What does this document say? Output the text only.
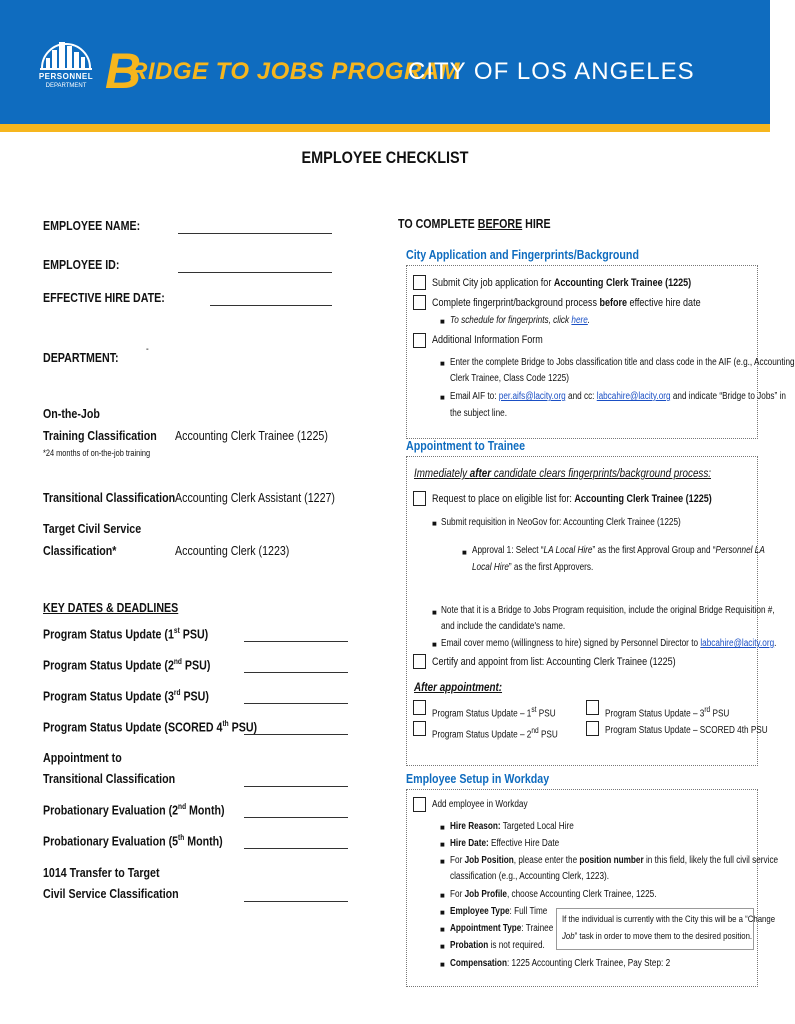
PERSONNEL
DEPARTMENT B
RIDGE TO JOBS PROGRAM
CITY OF LOS ANGELES
EMPLOYEE CHECKLIST
EMPLOYEE NAME:
EMPLOYEE ID:
EFFECTIVE HIRE DATE:
DEPARTMENT:
-
On-the-Job
Training Classification Accounting Clerk Trainee (1225)
*24 months of on-the-job training
Transitional Classification Accounting Clerk Assistant (1227)
Target Civil Service
Classification*	Accounting Clerk (1223)
KEY DATES & DEADLINES
Program Status Update (1st PSU)
Program Status Update (2nd PSU)
Program Status Update (3rd PSU)
Program Status Update (SCORED 4th PSU)
Appointment to
Transitional Classification
Probationary Evaluation (2nd Month)
Probationary Evaluation (5th Month)
1014 Transfer to Target
Civil Service Classification
TO COMPLETE BEFORE HIRE
City Application and Fingerprints/Background
Submit City job application for Accounting Clerk Trainee (1225)
Complete fingerprint/background process before effective hire date
■ To schedule for fingerprints, click here.
Additional Information Form
■ Enter the complete Bridge to Jobs classification title and class code in the AIF (e.g., Accounting
Clerk Trainee, Class Code 1225)
■ Email AIF to: per.aifs@lacity.org and cc: labcahire@lacity.org and indicate “Bridge to Jobs” in
the subject line.
Appointment to Trainee
Immediately after candidate clears fingerprints/background process:
Request to place on eligible list for: Accounting Clerk Trainee (1225)
■ Submit requisition in NeoGov for: Accounting Clerk Trainee (1225)
■ Approval 1: Select “LA Local Hire” as the first Approval Group and “Personnel LA
Local Hire” as the first Approvers.
■ Note that it is a Bridge to Jobs Program requisition, include the original Bridge Requisition #,
and include the candidate's name.
■ Email cover memo (willingness to hire) signed by Personnel Director to labcahire@lacity.org.
Certify and appoint from list: Accounting Clerk Trainee (1225)
After appointment:
Program Status Update – 1st PSU
Program Status Update – 2nd PSU
Program Status Update – 3rd PSU
Program Status Update – SCORED 4th PSU
Employee Setup in Workday
Add employee in Workday
■ Hire Reason: Targeted Local Hire
■ Hire Date: Effective Hire Date
■ For Job Position, please enter the position number in this field, likely the full civil service
classification (e.g., Accounting Clerk, 1223).
■ For Job Profile, choose Accounting Clerk Trainee, 1225.
■ Employee Type: Full Time
■ Appointment Type: Trainee
■ Probation is not required.
■ Compensation: 1225 Accounting Clerk Trainee, Pay Step: 2
If the individual is currently with the City this will be a “Change
Job” task in order to move them to the desired position.
